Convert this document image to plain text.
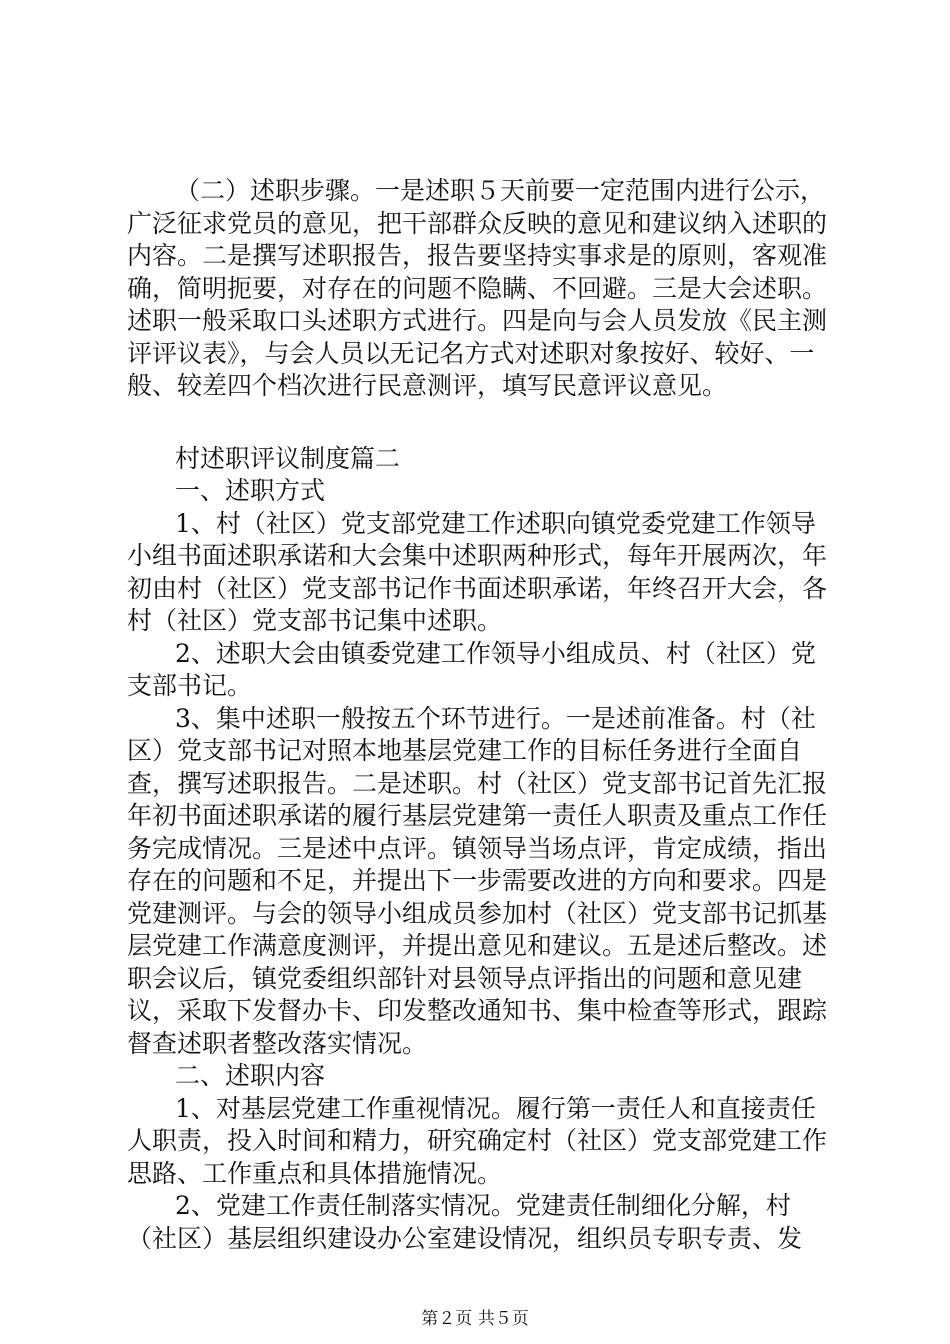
（二）述职步骤。一是述职５天前要一定范围内进行公示，广泛征求党员的意见，把干部群众反映的意见和建议纳入述职的内容。二是撰写述职报告，报告要坚持实事求是的原则，客观准确，简明扼要，对存在的问题不隐瞒、不回避。三是大会述职。述职一般采取口头述职方式进行。四是向与会人员发放《民主测评评议表》，与会人员以无记名方式对述职对象按好、较好、一般、较差四个档次进行民意测评，填写民意评议意见。

村述职评议制度篇二

一、述职方式

1、村（社区）党支部党建工作述职向镇党委党建工作领导小组书面述职承诺和大会集中述职两种形式，每年开展两次，年初由村（社区）党支部书记作书面述职承诺，年终召开大会，各村（社区）党支部书记集中述职。

2、述职大会由镇委党建工作领导小组成员、村（社区）党支部书记。

3、集中述职一般按五个环节进行。一是述前准备。村（社区）党支部书记对照本地基层党建工作的目标任务进行全面自查，撰写述职报告。二是述职。村（社区）党支部书记首先汇报年初书面述职承诺的履行基层党建第一责任人职责及重点工作任务完成情况。三是述中点评。镇领导当场点评，肯定成绩，指出存在的问题和不足，并提出下一步需要改进的方向和要求。四是党建测评。与会的领导小组成员参加村（社区）党支部书记抓基层党建工作满意度测评，并提出意见和建议。五是述后整改。述职会议后，镇党委组织部针对县领导点评指出的问题和意见建议，采取下发督办卡、印发整改通知书、集中检查等形式，跟踪督查述职者整改落实情况。

二、述职内容

1、对基层党建工作重视情况。履行第一责任人和直接责任人职责，投入时间和精力，研究确定村（社区）党支部党建工作思路、工作重点和具体措施情况。

2、党建工作责任制落实情况。党建责任制细化分解，村（社区）基层组织建设办公室建设情况，组织员专职专责、发

第２页 共５页
